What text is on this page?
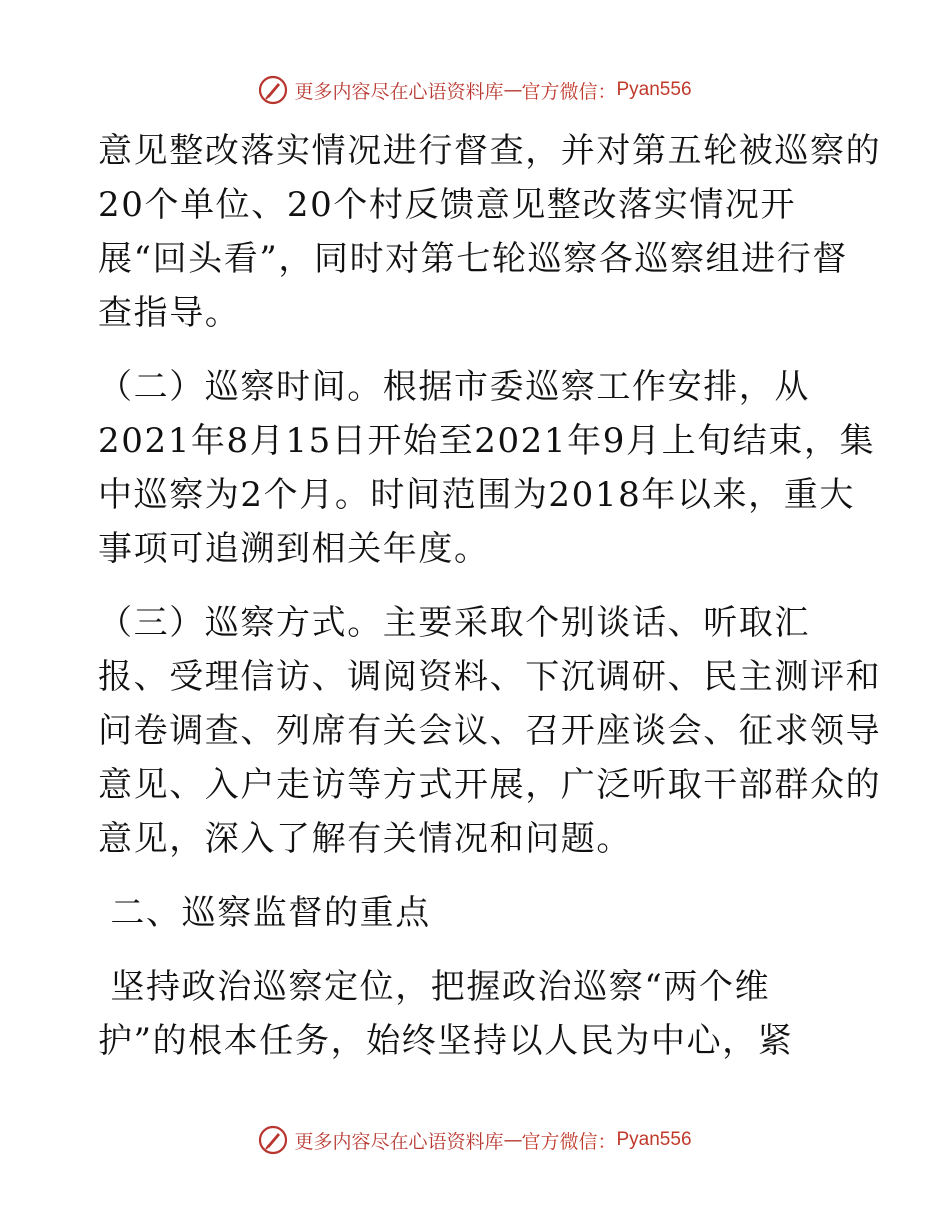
更多内容尽在心语资料库 — 官方微信： Pyan556
意见整改落实情况进行督查，并对第五轮被巡察的
20个单位、20个村反馈意见整改落实情况开
展“回头看”，同时对第七轮巡察各巡察组进行督
查指导。
（二）巡察时间。根据市委巡察工作安排，从
2021年8月15日开始至2021年9月上旬结束，集
中巡察为2个月。时间范围为2018年以来，重大
事项可追溯到相关年度。
（三）巡察方式。主要采取个别谈话、听取汇
报、受理信访、调阅资料、下沉调研、民主测评和
问卷调查、列席有关会议、召开座谈会、征求领导
意见、入户走访等方式开展，广泛听取干部群众的
意见，深入了解有关情况和问题。
二、巡察监督的重点
坚持政治巡察定位，把握政治巡察“两个维
护”的根本任务，始终坚持以人民为中心，紧
更多内容尽在心语资料库 — 官方微信： Pyan556
